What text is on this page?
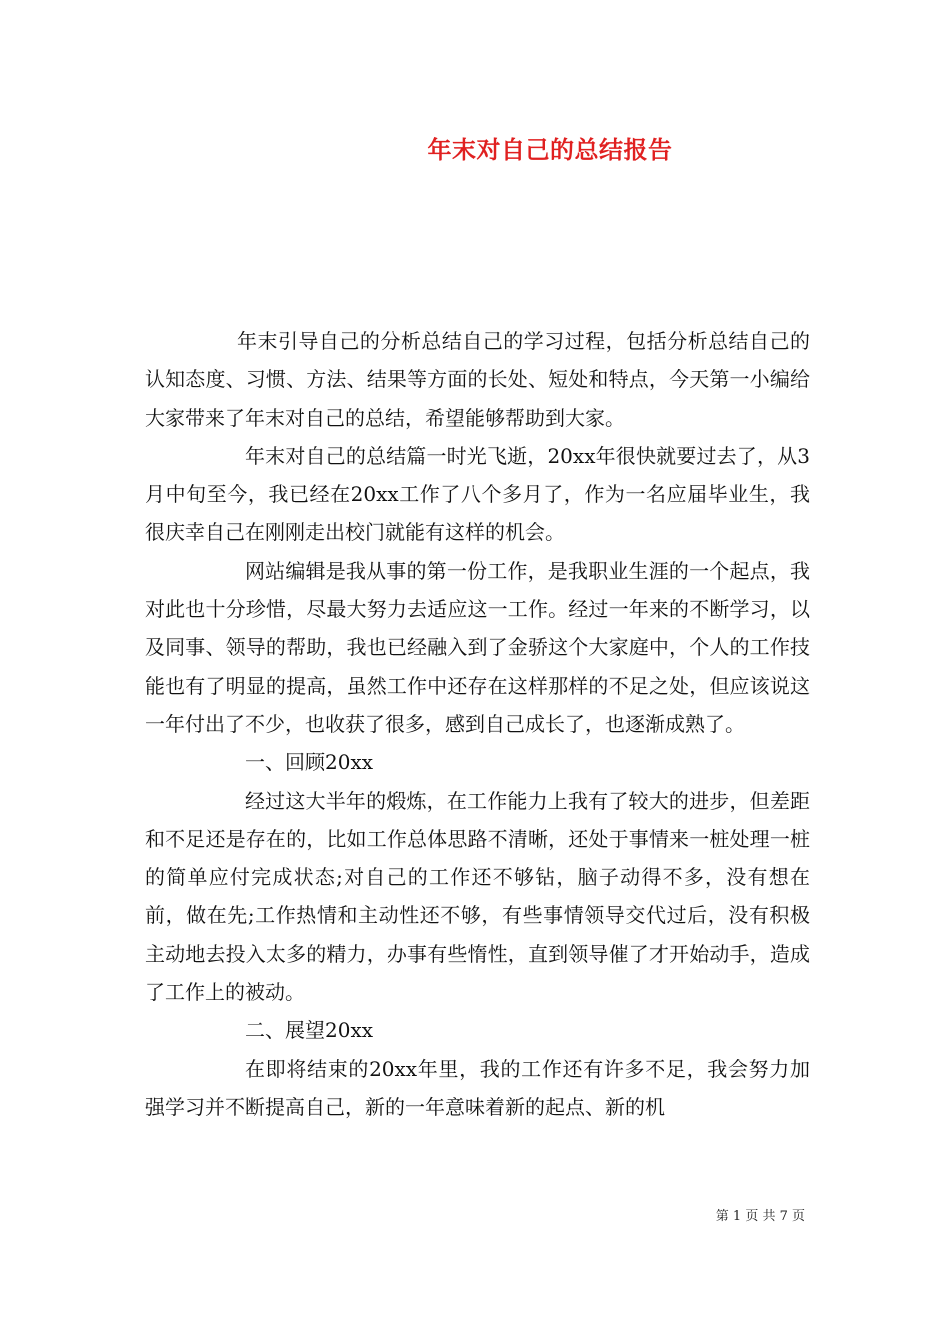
年末对自己的总结报告

年末引导自己的分析总结自己的学习过程，包括分析总结自己的认知态度、习惯、方法、结果等方面的长处、短处和特点，今天第一小编给大家带来了年末对自己的总结，希望能够帮助到大家。

年末对自己的总结篇一时光飞逝，20xx年很快就要过去了，从3月中旬至今，我已经在20xx工作了八个多月了，作为一名应届毕业生，我很庆幸自己在刚刚走出校门就能有这样的机会。

网站编辑是我从事的第一份工作，是我职业生涯的一个起点，我对此也十分珍惜，尽最大努力去适应这一工作。经过一年来的不断学习，以及同事、领导的帮助，我也已经融入到了金骄这个大家庭中，个人的工作技能也有了明显的提高，虽然工作中还存在这样那样的不足之处，但应该说这一年付出了不少，也收获了很多，感到自己成长了，也逐渐成熟了。

一、回顾20xx

经过这大半年的煅炼，在工作能力上我有了较大的进步，但差距和不足还是存在的，比如工作总体思路不清晰，还处于事情来一桩处理一桩的简单应付完成状态;对自己的工作还不够钻，脑子动得不多，没有想在前，做在先;工作热情和主动性还不够，有些事情领导交代过后，没有积极主动地去投入太多的精力，办事有些惰性，直到领导催了才开始动手，造成了工作上的被动。

二、展望20xx

在即将结束的20xx年里，我的工作还有许多不足，我会努力加强学习并不断提高自己，新的一年意味着新的起点、新的机

第 1 页 共 7 页
